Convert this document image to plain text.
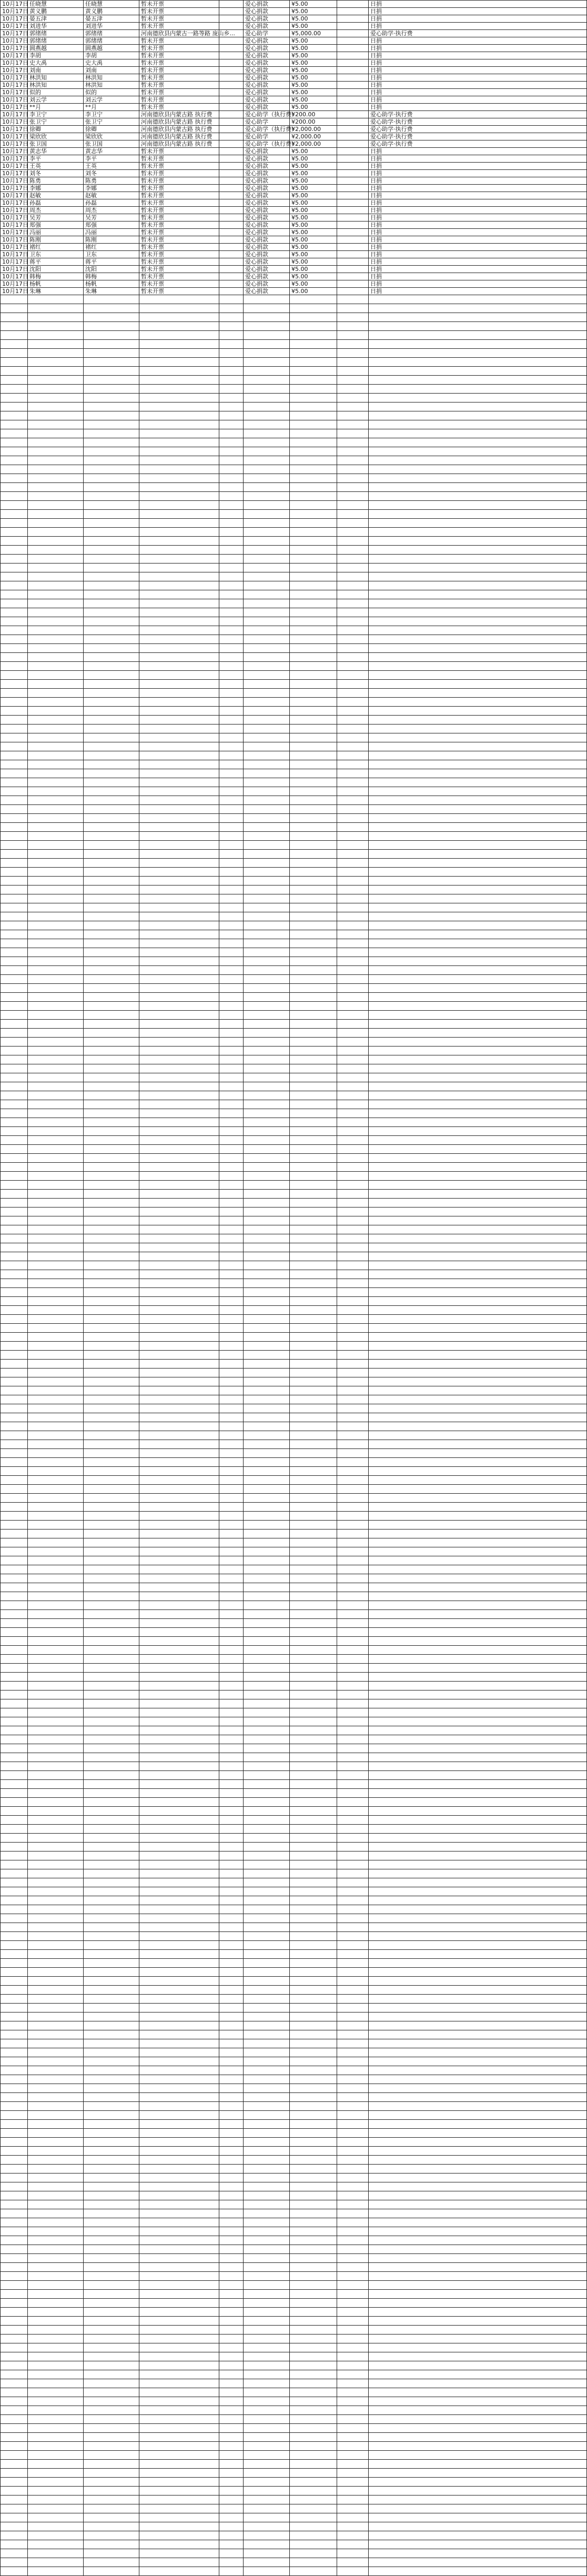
10月17日	任晓慧	任晓慧	暂未开票		爱心捐款	¥5.00		日捐
10月17日	黄义鹏	黄义鹏	暂未开票		爱心捐款	¥5.00		日捐
10月17日	晏五津	晏五津	暂未开票		爱心捐款	¥5.00		日捐
10月17日	刘进华	刘进华	暂未开票		爱心捐款	¥5.00		日捐
10月17日	郭绪绪	郭绪绪	河南德欣县内蒙古一路等路 庞山乡...		爱心助学	¥5,000.00		爱心助学·执行费
10月17日	郭绪绪	郭绪绪	暂未开票		爱心捐款	¥5.00		日捐
10月17日	圆燕越	圆燕越	暂未开票		爱心捐款	¥5.00		日捐
10月17日	李胡	李胡	暂未开票		爱心捐款	¥5.00		日捐
10月17日	史大禹	史大禹	暂未开票		爱心捐款	¥5.00		日捐
10月17日	刘南	刘南	暂未开票		爱心捐款	¥5.00		日捐
10月17日	林洪知	林洪知	暂未开票		爱心捐款	¥5.00		日捐
10月17日	林洪知	林洪知	暂未开票		爱心捐款	¥5.00		日捐
10月17日	似的	似的	暂未开票		爱心捐款	¥5.00		日捐
10月17日	刘云学	刘云学	暂未开票		爱心捐款	¥5.00		日捐
10月17日	**月	**月	暂未开票		爱心捐款	¥5.00		日捐
10月17日	李卫宁	李卫宁	河南德欣县内蒙古路 执行费		爱心助学（执行费）	¥200.00		爱心助学·执行费
10月17日	张卫宁	张卫宁	河南德欣县内蒙古路 执行费		爱心助学	¥200.00		爱心助学·执行费
10月17日	徐卿	徐卿	河南德欣县内蒙古路 执行费		爱心助学（执行费）	¥2,000.00		爱心助学·执行费
10月17日	梁欣欣	梁欣欣	河南德欣县内蒙古路 执行费		爱心助学	¥2,000.00		爱心助学·执行费
10月17日	张卫国	张卫国	河南德欣县内蒙古路 执行费		爱心助学（执行费）	¥2,000.00		爱心助学·执行费
10月17日	黄志华	黄志华	暂未开票		爱心捐款	¥5.00		日捐
10月17日	李平	李平	暂未开票		爱心捐款	¥5.00		日捐
10月17日	王英	王英	暂未开票		爱心捐款	¥5.00		日捐
10月17日	刘冬	刘冬	暂未开票		爱心捐款	¥5.00		日捐
10月17日	陈勇	陈勇	暂未开票		爱心捐款	¥5.00		日捐
10月17日	李娜	李娜	暂未开票		爱心捐款	¥5.00		日捐
10月17日	赵敏	赵敏	暂未开票		爱心捐款	¥5.00		日捐
10月17日	孙磊	孙磊	暂未开票		爱心捐款	¥5.00		日捐
10月17日	周杰	周杰	暂未开票		爱心捐款	¥5.00		日捐
10月17日	吴芳	吴芳	暂未开票		爱心捐款	¥5.00		日捐
10月17日	郑强	郑强	暂未开票		爱心捐款	¥5.00		日捐
10月17日	冯丽	冯丽	暂未开票		爱心捐款	¥5.00		日捐
10月17日	陈刚	陈刚	暂未开票		爱心捐款	¥5.00		日捐
10月17日	褚红	褚红	暂未开票		爱心捐款	¥5.00		日捐
10月17日	卫东	卫东	暂未开票		爱心捐款	¥5.00		日捐
10月17日	蒋平	蒋平	暂未开票		爱心捐款	¥5.00		日捐
10月17日	沈阳	沈阳	暂未开票		爱心捐款	¥5.00		日捐
10月17日	韩梅	韩梅	暂未开票		爱心捐款	¥5.00		日捐
10月17日	杨帆	杨帆	暂未开票		爱心捐款	¥5.00		日捐
10月17日	朱琳	朱琳	暂未开票		爱心捐款	¥5.00		日捐
